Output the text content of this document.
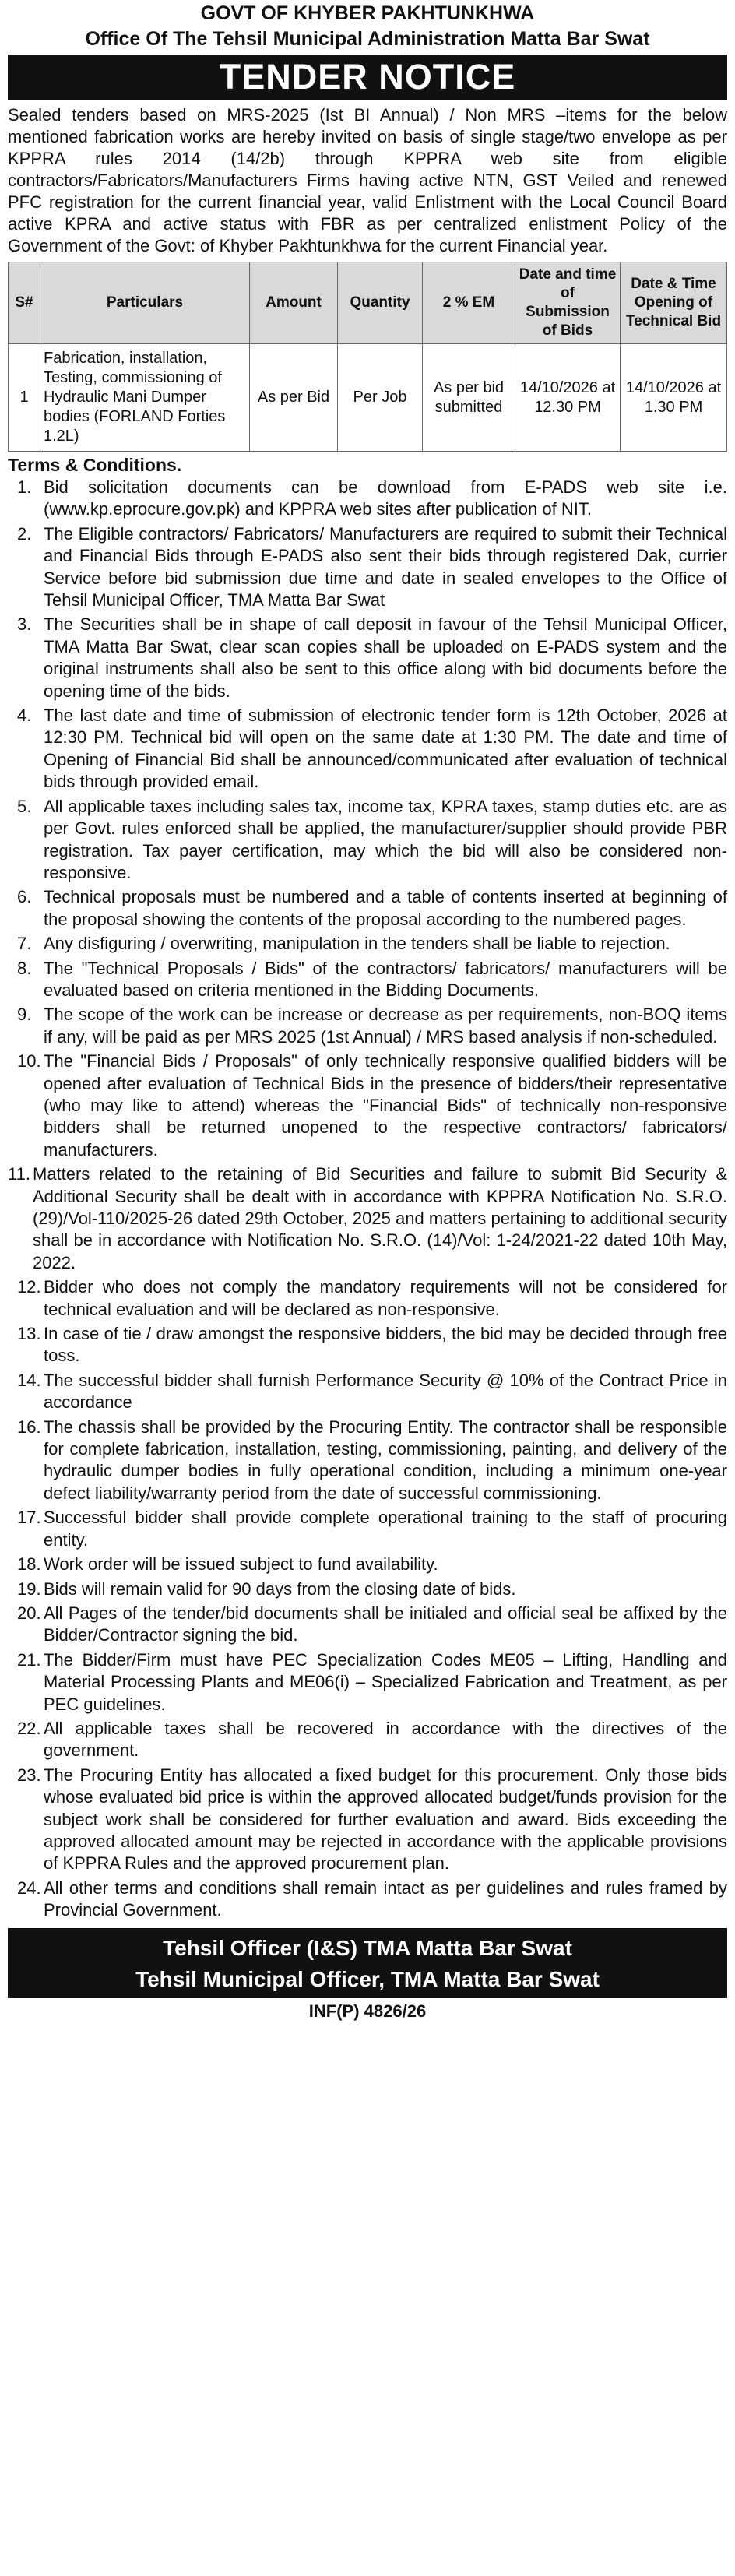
GOVT OF KHYBER PAKHTUNKHWA
Office Of The Tehsil Municipal Administration Matta Bar Swat
TENDER NOTICE

Sealed tenders based on MRS-2025 (Ist BI Annual) / Non MRS –items for the below mentioned fabrication works are hereby invited on basis of single stage/two envelope as per KPPRA rules 2014 (14/2b) through KPPRA web site from eligible contractors/Fabricators/Manufacturers Firms having active NTN, GST Veiled and renewed PFC registration for the current financial year, valid Enlistment with the Local Council Board active KPRA and active status with FBR as per centralized enlistment Policy of the Government of the Govt: of Khyber Pakhtunkhwa for the current Financial year.

S#	Particulars	Amount	Quantity	2 % EM	Date and time of Submission of Bids	Date & Time Opening of Technical Bid
1	Fabrication, installation, Testing, commissioning of Hydraulic Mani Dumper bodies (FORLAND Forties 1.2L)	As per Bid	Per Job	As per bid submitted	14/10/2026 at 12.30 PM	14/10/2026 at 1.30 PM
Terms & Conditions.
1. Bid solicitation documents can be download from E-PADS web site i.e. (www.kp.eprocure.gov.pk) and KPPRA web sites after publication of NIT.
2. The Eligible contractors/ Fabricators/ Manufacturers are required to submit their Technical and Financial Bids through E-PADS also sent their bids through registered Dak, currier Service before bid submission due time and date in sealed envelopes to the Office of Tehsil Municipal Officer, TMA Matta Bar Swat
3. The Securities shall be in shape of call deposit in favour of the Tehsil Municipal Officer, TMA Matta Bar Swat, clear scan copies shall be uploaded on E-PADS system and the original instruments shall also be sent to this office along with bid documents before the opening time of the bids.
4. The last date and time of submission of electronic tender form is 12th October, 2026 at 12:30 PM. Technical bid will open on the same date at 1:30 PM. The date and time of Opening of Financial Bid shall be announced/communicated after evaluation of technical bids through provided email.
5. All applicable taxes including sales tax, income tax, KPRA taxes, stamp duties etc. are as per Govt. rules enforced shall be applied, the manufacturer/supplier should provide PBR registration. Tax payer certification, may which the bid will also be considered non-responsive.
6. Technical proposals must be numbered and a table of contents inserted at beginning of the proposal showing the contents of the proposal according to the numbered pages.
7. Any disfiguring / overwriting, manipulation in the tenders shall be liable to rejection.
8. The "Technical Proposals / Bids" of the contractors/ fabricators/ manufacturers will be evaluated based on criteria mentioned in the Bidding Documents.
9. The scope of the work can be increase or decrease as per requirements, non-BOQ items if any, will be paid as per MRS 2025 (1st Annual) / MRS based analysis if non-scheduled.
10. The "Financial Bids / Proposals" of only technically responsive qualified bidders will be opened after evaluation of Technical Bids in the presence of bidders/their representative (who may like to attend) whereas the "Financial Bids" of technically non-responsive bidders shall be returned unopened to the respective contractors/ fabricators/ manufacturers.
11. Matters related to the retaining of Bid Securities and failure to submit Bid Security & Additional Security shall be dealt with in accordance with KPPRA Notification No. S.R.O. (29)/Vol-110/2025-26 dated 29th October, 2025 and matters pertaining to additional security shall be in accordance with Notification No. S.R.O. (14)/Vol: 1-24/2021-22 dated 10th May, 2022.
12. Bidder who does not comply the mandatory requirements will not be considered for technical evaluation and will be declared as non-responsive.
13. In case of tie / draw amongst the responsive bidders, the bid may be decided through free toss.
14. The successful bidder shall furnish Performance Security @ 10% of the Contract Price in accordance
16. The chassis shall be provided by the Procuring Entity. The contractor shall be responsible for complete fabrication, installation, testing, commissioning, painting, and delivery of the hydraulic dumper bodies in fully operational condition, including a minimum one-year defect liability/warranty period from the date of successful commissioning.
17. Successful bidder shall provide complete operational training to the staff of procuring entity.
18. Work order will be issued subject to fund availability.
19. Bids will remain valid for 90 days from the closing date of bids.
20. All Pages of the tender/bid documents shall be initialed and official seal be affixed by the Bidder/Contractor signing the bid.
21. The Bidder/Firm must have PEC Specialization Codes ME05 – Lifting, Handling and Material Processing Plants and ME06(i) – Specialized Fabrication and Treatment, as per PEC guidelines.
22. All applicable taxes shall be recovered in accordance with the directives of the government.
23. The Procuring Entity has allocated a fixed budget for this procurement. Only those bids whose evaluated bid price is within the approved allocated budget/funds provision for the subject work shall be considered for further evaluation and award. Bids exceeding the approved allocated amount may be rejected in accordance with the applicable provisions of KPPRA Rules and the approved procurement plan.
24. All other terms and conditions shall remain intact as per guidelines and rules framed by Provincial Government.
Tehsil Officer (I&S) TMA Matta Bar Swat
Tehsil Municipal Officer, TMA Matta Bar Swat
INF(P) 4826/26
